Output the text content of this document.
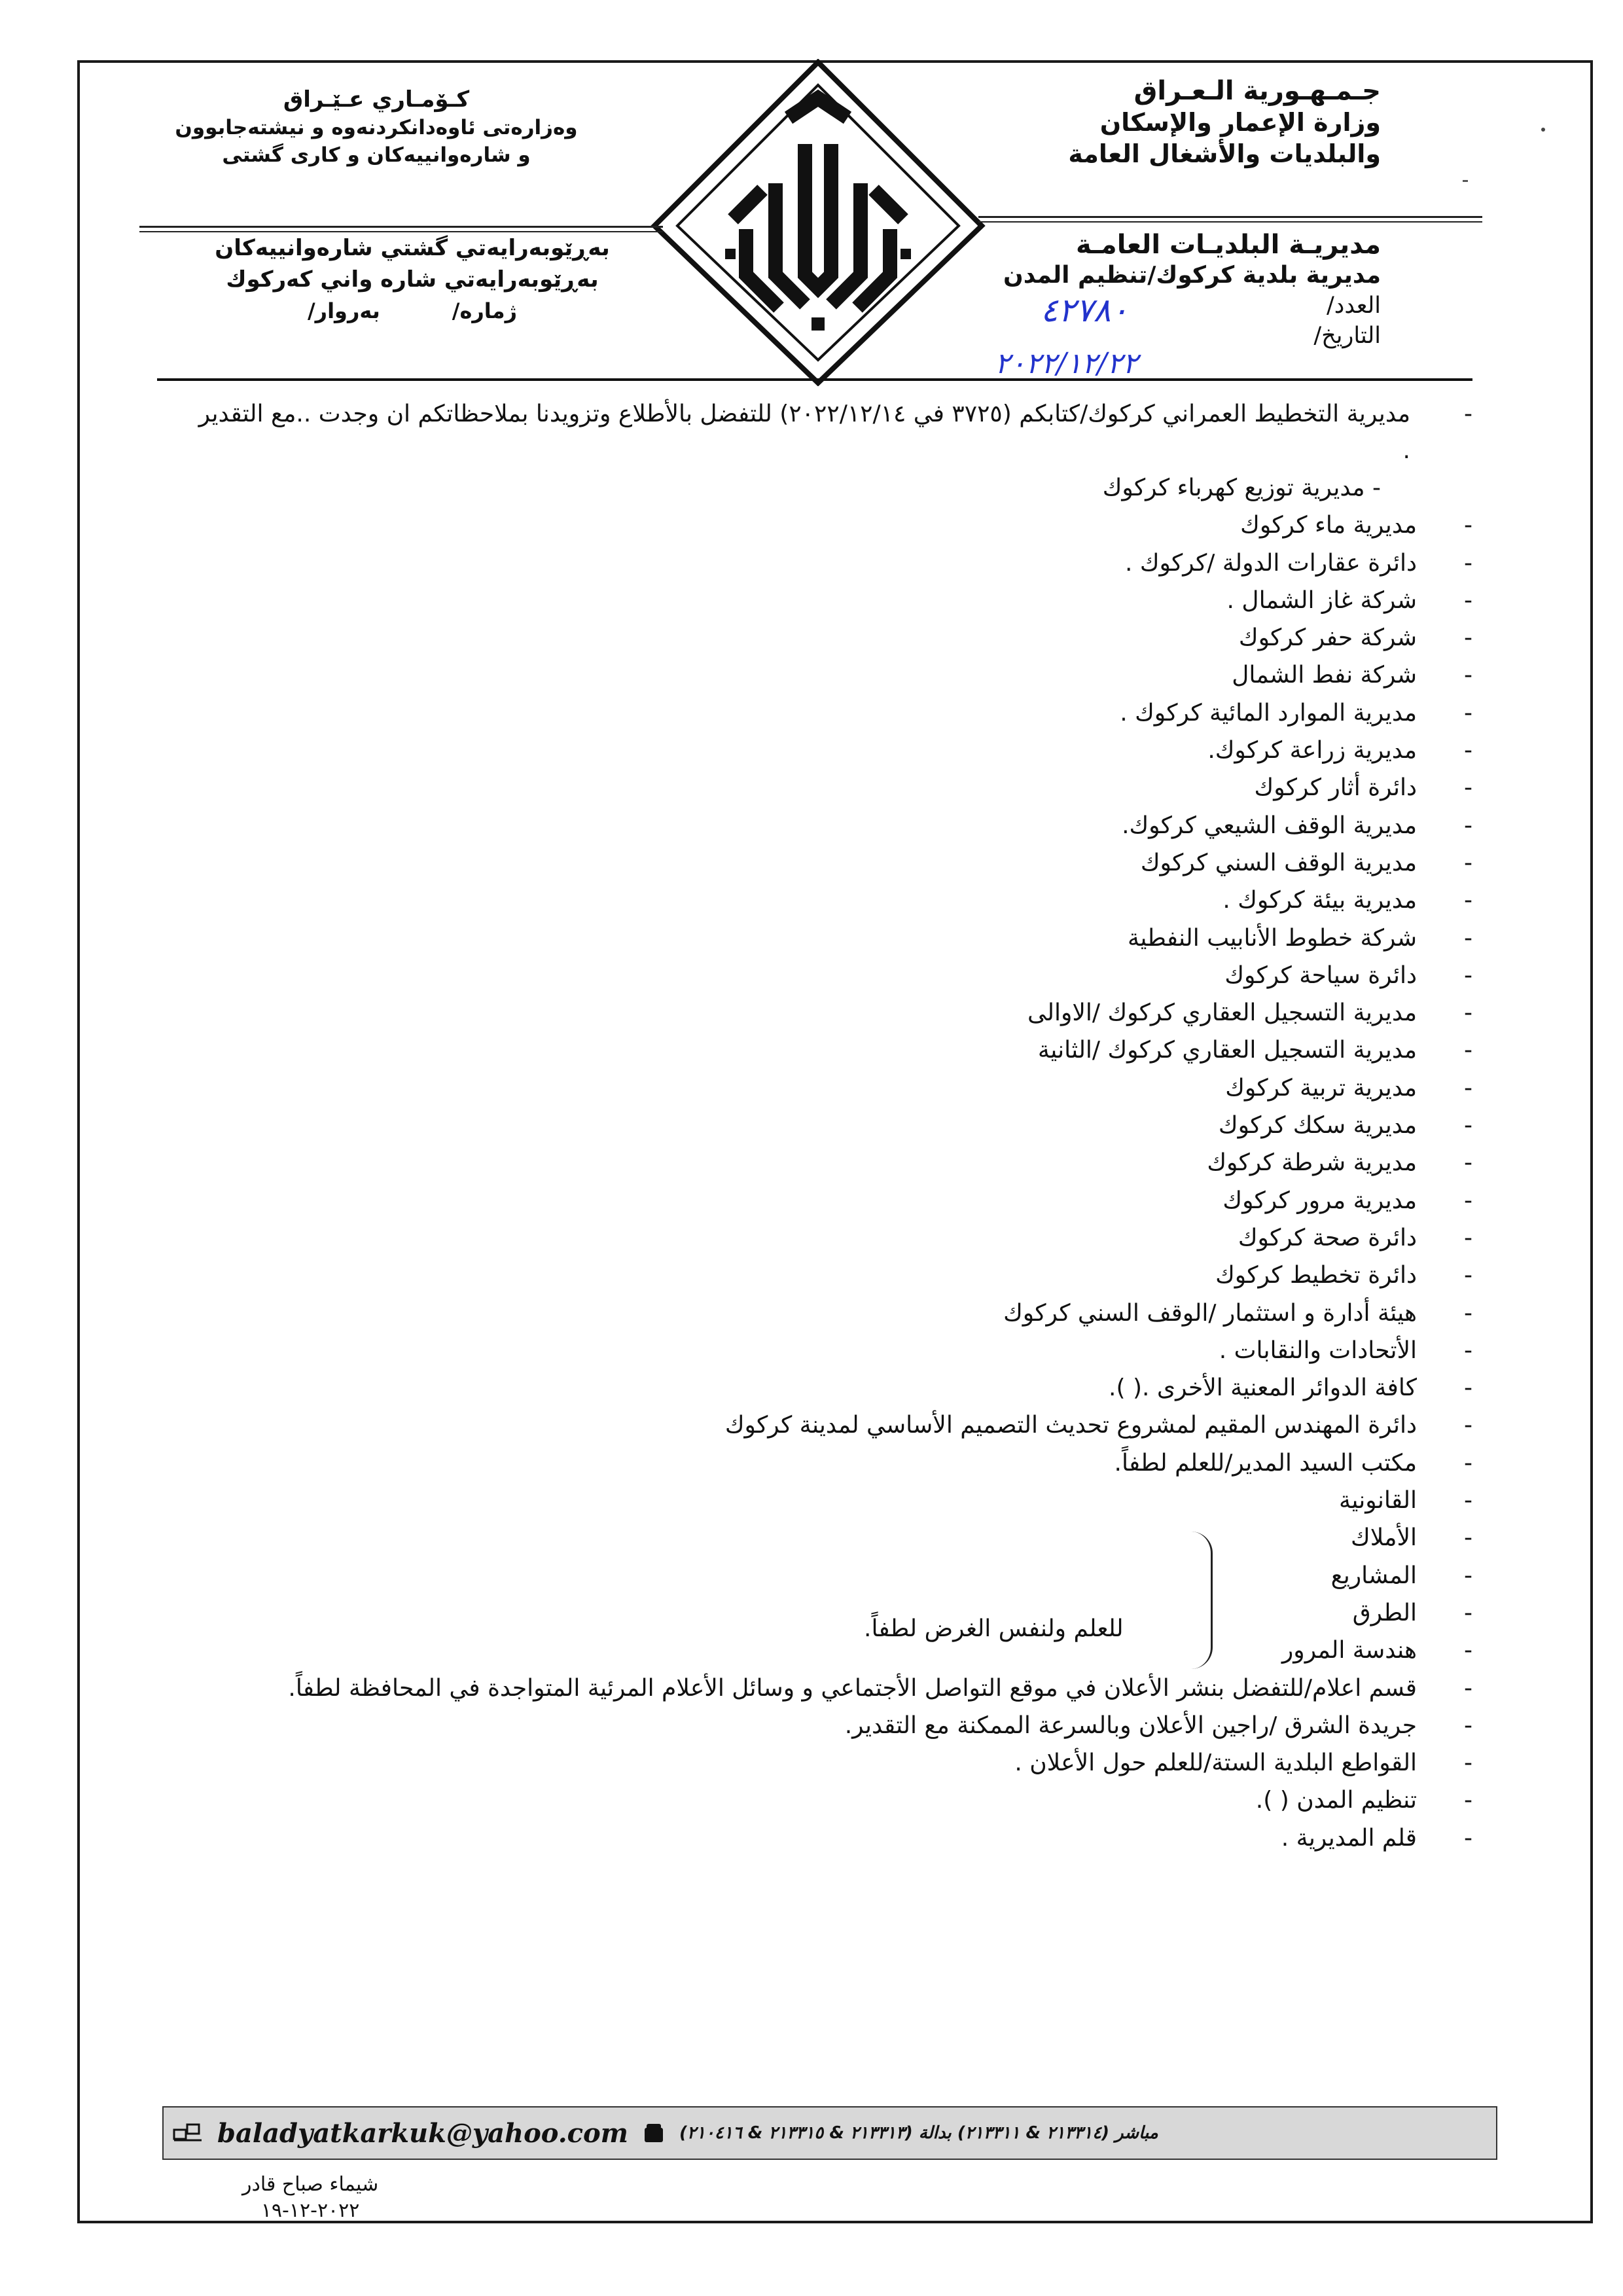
جـمـهـورية الـعـراق
وزارة الإعمار والإسكان
والبلديات والأشغال العامة
كـۆمـاري عـێـراق
وەزارەتی ئاوەدانکردنەوە و نیشتەجابوون
و شارەوانییەکان و کاری گشتی
مديريـة البلديـات العامـة
مديرية بلدية كركوك/تنظيم المدن
العدد/
التاريخ/
٤٢٧٨٠
٢٠٢٢/١٢/٢٢
بەڕێوبەرایەتي گشتي شارەوانییەکان
بەڕێوبەرایەتي شارە واني كەركوك
ژمارە/
بەروار/
-
مديرية التخطيط العمراني كركوك/كتابكم (٣٧٢٥ في ٢٠٢٢/١٢/١٤) للتفضل بالأطلاع وتزويدنا بملاحظاتكم ان وجدت ..مع التقدير .
- مديرية توزيع كهرباء كركوك
-
مديرية ماء كركوك
-
دائرة عقارات الدولة /كركوك .
-
شركة غاز الشمال .
-
شركة حفر كركوك
-
شركة نفط الشمال
-
مديرية الموارد المائية كركوك .
-
مديرية زراعة كركوك.
-
دائرة أثار كركوك
-
مديرية الوقف الشيعي كركوك.
-
مديرية الوقف السني كركوك
-
مديرية بيئة كركوك .
-
شركة خطوط الأنابيب النفطية
-
دائرة سياحة كركوك
-
مديرية التسجيل العقاري كركوك /الاوالى
-
مديرية التسجيل العقاري كركوك /الثانية
-
مديرية تربية كركوك
-
مديرية سكك كركوك
-
مديرية شرطة كركوك
-
مديرية مرور كركوك
-
دائرة صحة كركوك
-
دائرة تخطيط كركوك
-
هيئة أدارة و استثمار /الوقف السني كركوك
-
الأتحادات والنقابات .
-
كافة الدوائر المعنية الأخرى .( ).
-
دائرة المهندس المقيم لمشروع تحديث التصميم الأساسي لمدينة كركوك
-
مكتب السيد المدير/للعلم لطفاً.
-
القانونية
-
الأملاك
-
المشاريع
-
الطرق
-
هندسة المرور
-
قسم اعلام/للتفضل بنشر الأعلان في موقع التواصل الأجتماعي و وسائل الأعلام المرئية المتواجدة في المحافظة لطفاً.
-
جريدة الشرق /راجين الأعلان وبالسرعة الممكنة مع التقدير.
-
القواطع البلدية الستة/للعلم حول الأعلان .
-
تنظيم المدن ( ).
-
قلم المديرية .
للعلم ولنفس الغرض لطفاً.
baladyatkarkuk@yahoo.com	مباشر (٢١٣٣١٤ & ٢١٣٣١١) بدالة (٢١٣٣١٣ & ٢١٣٣١٥ & ٢١٠٤١٦)
شيماء صباح قادر
٢٠٢٢-١٢-١٩
